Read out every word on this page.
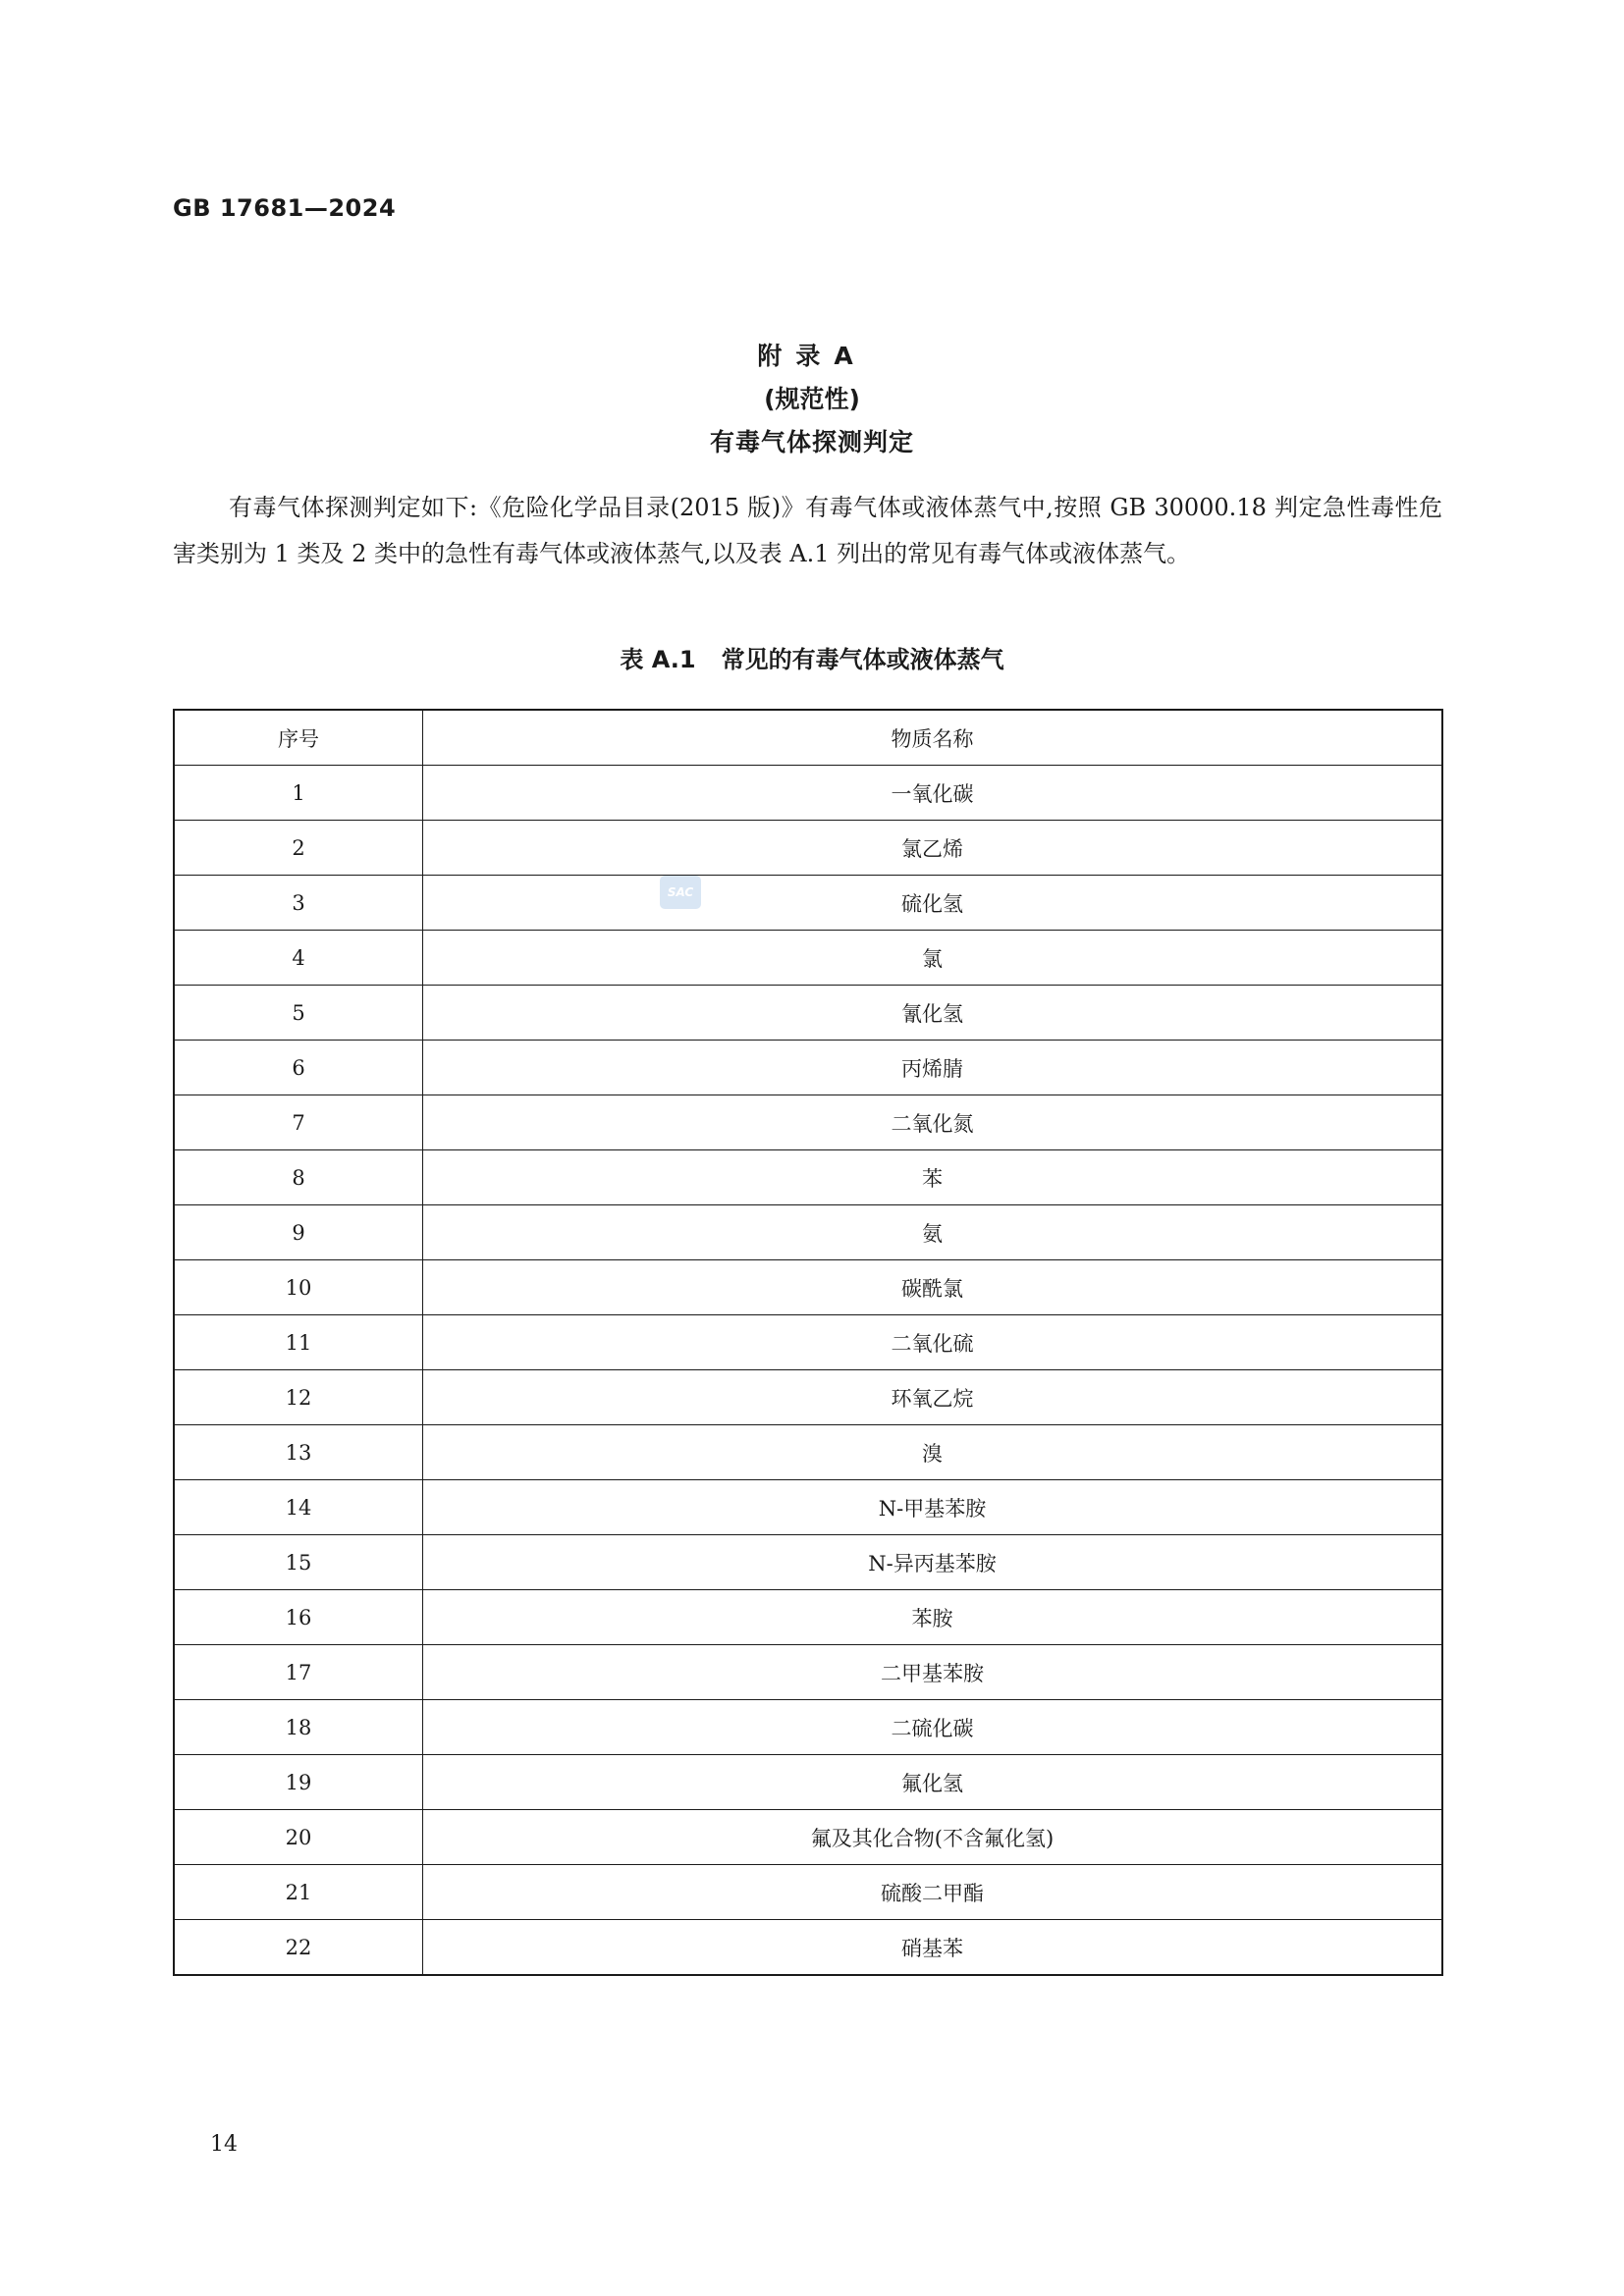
GB 17681—2024
附录A
(规范性)
有毒气体探测判定

有毒气体探测判定如下:《危险化学品目录(2015 版)》有毒气体或液体蒸气中,按照 GB 30000.18 判定急性毒性危害类别为 1 类及 2 类中的急性有毒气体或液体蒸气,以及表 A.1 列出的常见有毒气体或液体蒸气。

表 A.1 常见的有毒气体或液体蒸气
SAC
序号	物质名称
1	一氧化碳
2	氯乙烯
3	硫化氢
4	氯
5	氰化氢
6	丙烯腈
7	二氧化氮
8	苯
9	氨
10	碳酰氯
11	二氧化硫
12	环氧乙烷
13	溴
14	N-甲基苯胺
15	N-异丙基苯胺
16	苯胺
17	二甲基苯胺
18	二硫化碳
19	氟化氢
20	氟及其化合物(不含氟化氢)
21	硫酸二甲酯
22	硝基苯
14
